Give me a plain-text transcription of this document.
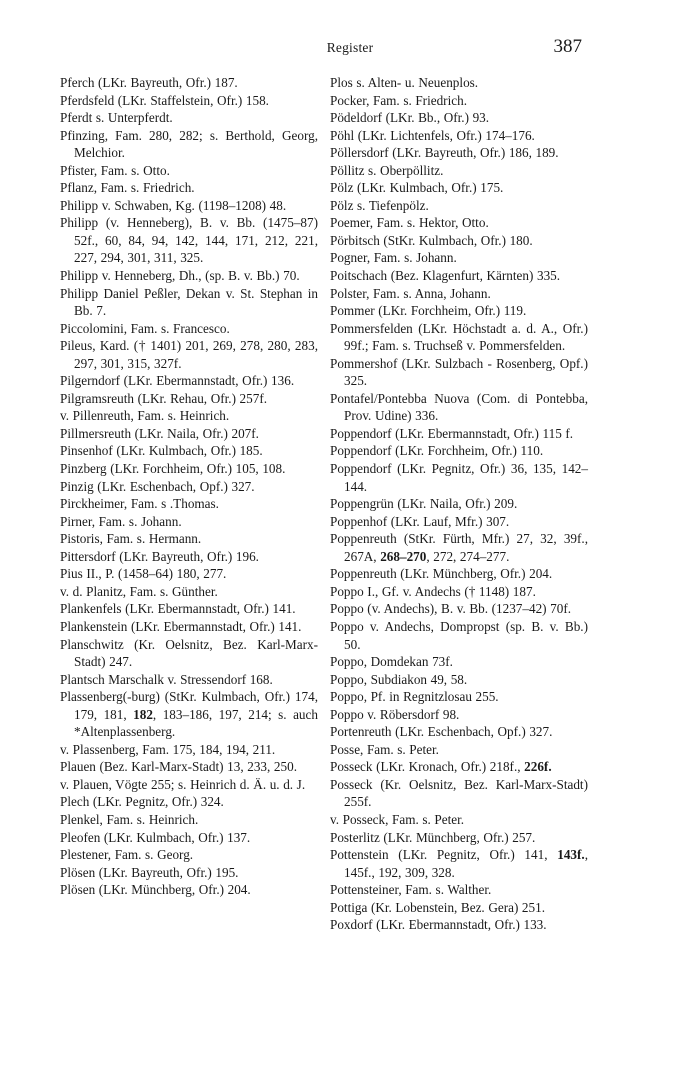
Register	387
Pferch (LKr. Bayreuth, Ofr.) 187.
Pferdsfeld (LKr. Staffelstein, Ofr.) 158.
Pferdt s. Unterpferdt.
Pfinzing, Fam. 280, 282; s. Berthold, Georg, Melchior.
Pfister, Fam. s. Otto.
Pflanz, Fam. s. Friedrich.
Philipp v. Schwaben, Kg. (1198–1208) 48.
Philipp (v. Henneberg), B. v. Bb. (1475–87) 52f., 60, 84, 94, 142, 144, 171, 212, 221, 227, 294, 301, 311, 325.
Philipp v. Henneberg, Dh., (sp. B. v. Bb.) 70.
Philipp Daniel Peßler, Dekan v. St. Stephan in Bb. 7.
Piccolomini, Fam. s. Francesco.
Pileus, Kard. († 1401) 201, 269, 278, 280, 283, 297, 301, 315, 327f.
Pilgerndorf (LKr. Ebermannstadt, Ofr.) 136.
Pilgramsreuth (LKr. Rehau, Ofr.) 257f.
v. Pillenreuth, Fam. s. Heinrich.
Pillmersreuth (LKr. Naila, Ofr.) 207f.
Pinsenhof (LKr. Kulmbach, Ofr.) 185.
Pinzberg (LKr. Forchheim, Ofr.) 105, 108.
Pinzig (LKr. Eschenbach, Opf.) 327.
Pirckheimer, Fam. s .Thomas.
Pirner, Fam. s. Johann.
Pistoris, Fam. s. Hermann.
Pittersdorf (LKr. Bayreuth, Ofr.) 196.
Pius II., P. (1458–64) 180, 277.
v. d. Planitz, Fam. s. Günther.
Plankenfels (LKr. Ebermannstadt, Ofr.) 141.
Plankenstein (LKr. Ebermannstadt, Ofr.) 141.
Planschwitz (Kr. Oelsnitz, Bez. Karl-Marx-Stadt) 247.
Plantsch Marschalk v. Stressendorf 168.
Plassenberg(-burg) (StKr. Kulmbach, Ofr.) 174, 179, 181, 182, 183–186, 197, 214; s. auch *Altenplassenberg.
v. Plassenberg, Fam. 175, 184, 194, 211.
Plauen (Bez. Karl-Marx-Stadt) 13, 233, 250.
v. Plauen, Vögte 255; s. Heinrich d. Ä. u. d. J.
Plech (LKr. Pegnitz, Ofr.) 324.
Plenkel, Fam. s. Heinrich.
Pleofen (LKr. Kulmbach, Ofr.) 137.
Plestener, Fam. s. Georg.
Plösen (LKr. Bayreuth, Ofr.) 195.
Plösen (LKr. Münchberg, Ofr.) 204.
Plos s. Alten- u. Neuenplos.
Pocker, Fam. s. Friedrich.
Pödeldorf (LKr. Bb., Ofr.) 93.
Pöhl (LKr. Lichtenfels, Ofr.) 174–176.
Pöllersdorf (LKr. Bayreuth, Ofr.) 186, 189.
Pöllitz s. Oberpöllitz.
Pölz (LKr. Kulmbach, Ofr.) 175.
Pölz s. Tiefenpölz.
Poemer, Fam. s. Hektor, Otto.
Pörbitsch (StKr. Kulmbach, Ofr.) 180.
Pogner, Fam. s. Johann.
Poitschach (Bez. Klagenfurt, Kärnten) 335.
Polster, Fam. s. Anna, Johann.
Pommer (LKr. Forchheim, Ofr.) 119.
Pommersfelden (LKr. Höchstadt a. d. A., Ofr.) 99f.; Fam. s. Truchseß v. Pommersfelden.
Pommershof (LKr. Sulzbach - Rosenberg, Opf.) 325.
Pontafel/Pontebba Nuova (Com. di Pontebba, Prov. Udine) 336.
Poppendorf (LKr. Ebermannstadt, Ofr.) 115 f.
Poppendorf (LKr. Forchheim, Ofr.) 110.
Poppendorf (LKr. Pegnitz, Ofr.) 36, 135, 142–144.
Poppengrün (LKr. Naila, Ofr.) 209.
Poppenhof (LKr. Lauf, Mfr.) 307.
Poppenreuth (StKr. Fürth, Mfr.) 27, 32, 39f., 267A, 268–270, 272, 274–277.
Poppenreuth (LKr. Münchberg, Ofr.) 204.
Poppo I., Gf. v. Andechs († 1148) 187.
Poppo (v. Andechs), B. v. Bb. (1237–42) 70f.
Poppo v. Andechs, Dompropst (sp. B. v. Bb.) 50.
Poppo, Domdekan 73f.
Poppo, Subdiakon 49, 58.
Poppo, Pf. in Regnitzlosau 255.
Poppo v. Röbersdorf 98.
Portenreuth (LKr. Eschenbach, Opf.) 327.
Posse, Fam. s. Peter.
Posseck (LKr. Kronach, Ofr.) 218f., 226f.
Posseck (Kr. Oelsnitz, Bez. Karl-Marx-Stadt) 255f.
v. Posseck, Fam. s. Peter.
Posterlitz (LKr. Münchberg, Ofr.) 257.
Pottenstein (LKr. Pegnitz, Ofr.) 141, 143f., 145f., 192, 309, 328.
Pottensteiner, Fam. s. Walther.
Pottiga (Kr. Lobenstein, Bez. Gera) 251.
Poxdorf (LKr. Ebermannstadt, Ofr.) 133.
